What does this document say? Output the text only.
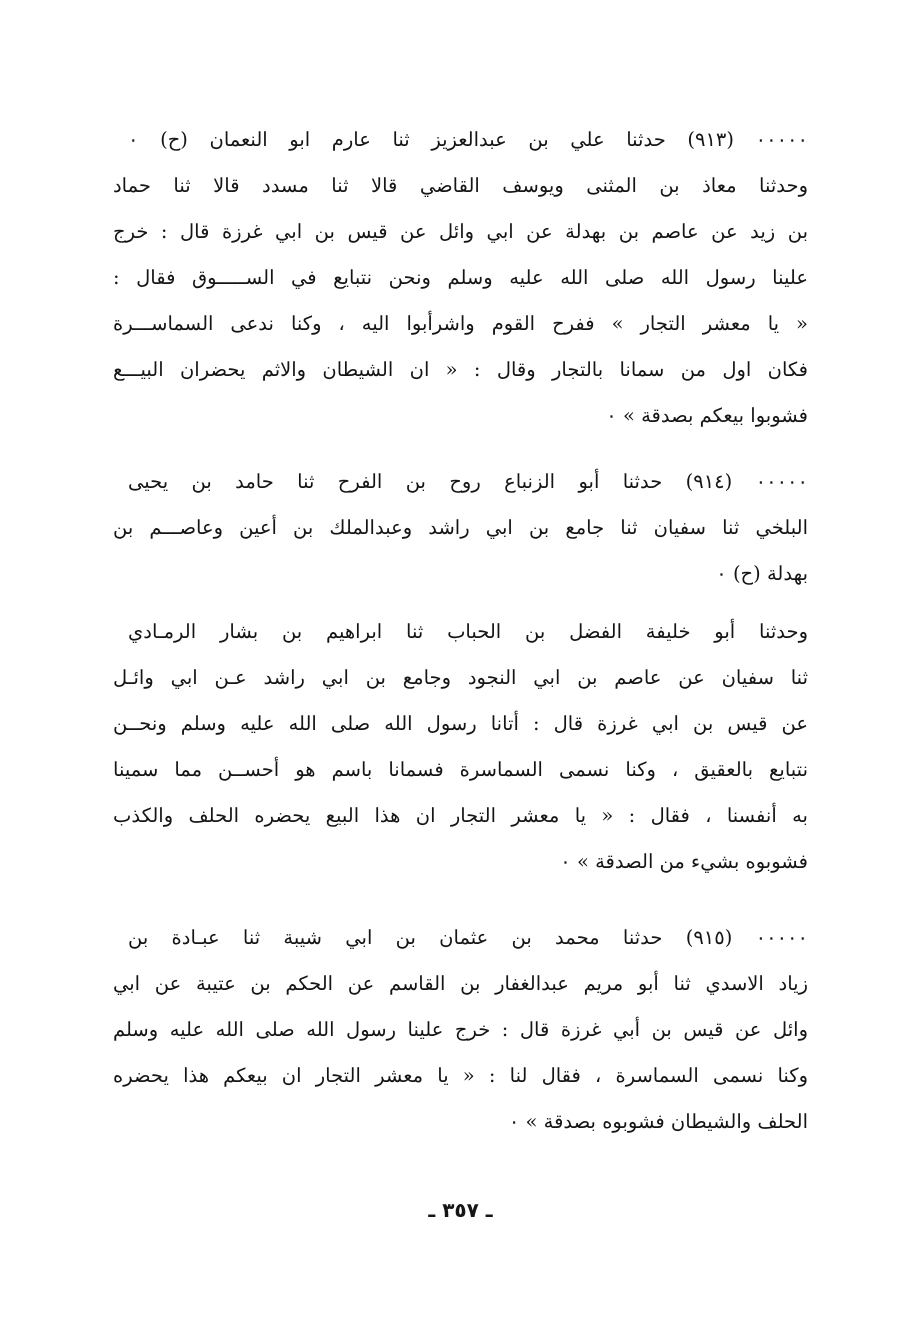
٠٠٠٠٠ (٩١٣) حدثنا علي بن عبدالعزيز ثنا عارم ابو النعمان (ح) ٠
وحدثنا معاذ بن المثنى ويوسف القاضي قالا ثنا مسدد قالا ثنا حماد
بن زيد عن عاصم بن بهدلة عن ابي وائل عن قيس بن ابي غرزة قال : خرج
علينا رسول الله صلى الله عليه وسلم ونحن نتبايع في الســـــوق فقال :
« يا معشر التجار » ففرح القوم واشرأبوا اليه ، وكنا ندعى السماســـرة
فكان اول من سمانا بالتجار وقال : « ان الشيطان والاثم يحضران البيـــع
فشوبوا بيعكم بصدقة » ٠
٠٠٠٠٠ (٩١٤) حدثنا أبو الزنباع روح بن الفرح ثنا حامد بن يحيى
البلخي ثنا سفيان ثنا جامع بن ابي راشد وعبدالملك بن أعين وعاصـــم بن
بهدلة (ح) ٠
وحدثنا أبو خليفة الفضل بن الحباب ثنا ابراهيم بن بشار الرمـادي
ثنا سفيان عن عاصم بن ابي النجود وجامع بن ابي راشد عـن ابي وائـل
عن قيس بن ابي غرزة قال : أتانا رسول الله صلى الله عليه وسلم ونحــن
نتبايع بالعقيق ، وكنا نسمى السماسرة فسمانا باسم هو أحســن مما سمينا
به أنفسنا ، فقال : « يا معشر التجار ان هذا البيع يحضره الحلف والكذب
فشوبوه بشيء من الصدقة » ٠
٠٠٠٠٠ (٩١٥) حدثنا محمد بن عثمان بن ابي شيبة ثنا عبـادة بن
زياد الاسدي ثنا أبو مريم عبدالغفار بن القاسم عن الحكم بن عتيبة عن ابي
وائل عن قيس بن أبي غرزة قال : خرج علينا رسول الله صلى الله عليه وسلم
وكنا نسمى السماسرة ، فقال لنا : « يا معشر التجار ان بيعكم هذا يحضره
الحلف والشيطان فشوبوه بصدقة » ٠
ـ ٣٥٧ ـ
